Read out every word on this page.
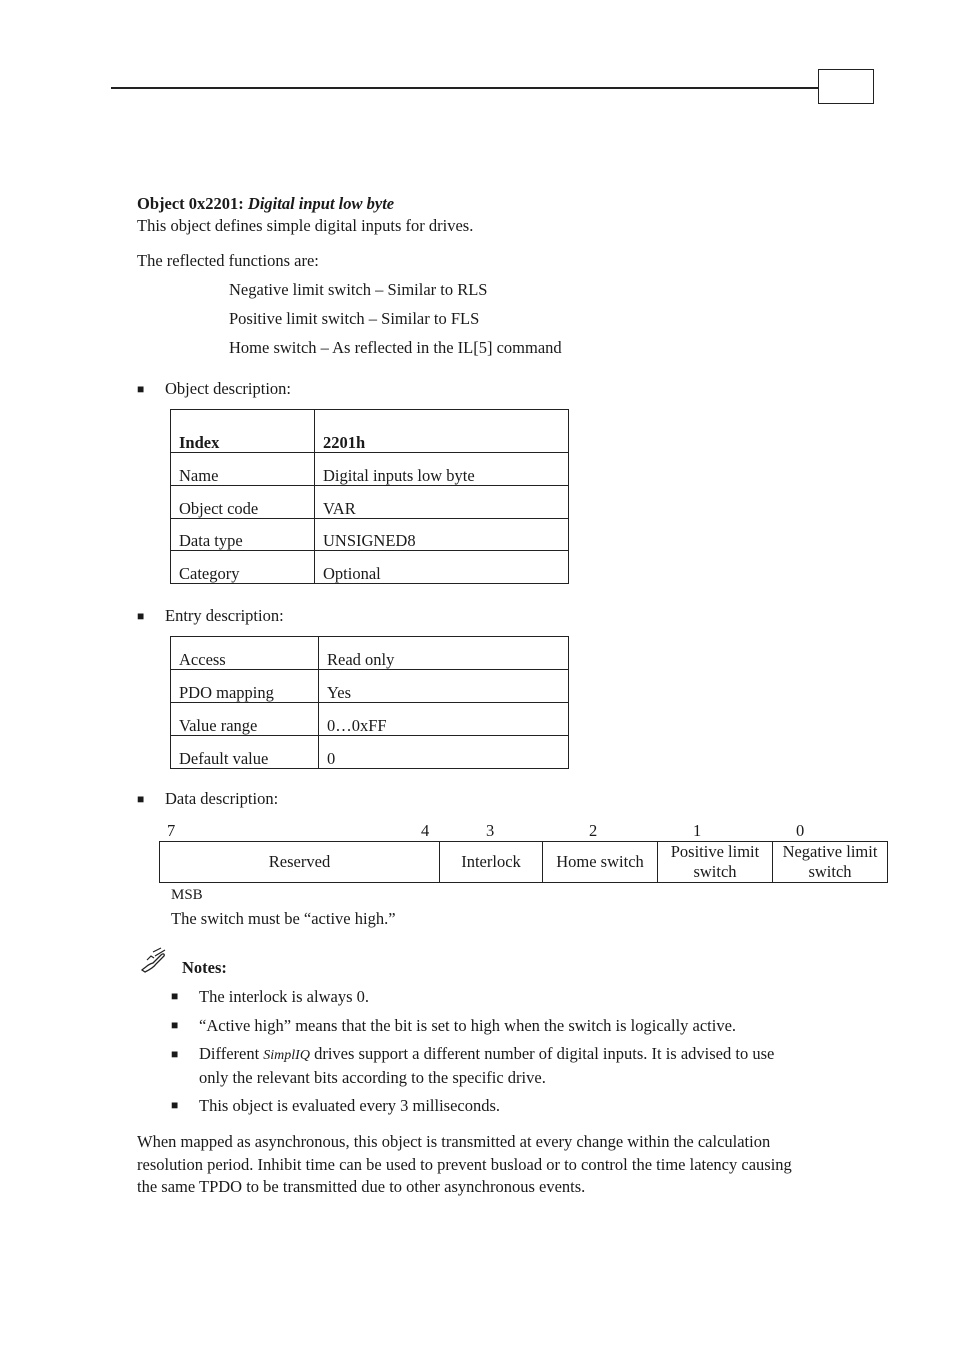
Object 0x2201: Digital input low byte
This object defines simple digital inputs for drives.
The reflected functions are:
Negative limit switch – Similar to RLS
Positive limit switch – Similar to FLS
Home switch – As reflected in the IL[5] command
■ Object description:
Index	2201h
Name	Digital inputs low byte
Object code	VAR
Data type	UNSIGNED8
Category	Optional
■ Entry description:
Access	Read only
PDO mapping	Yes
Value range	0…0xFF
Default value	0
■ Data description:
7	4	3	2	1	0
Reserved	Interlock	Home switch	Positive limit switch	Negative limit switch
MSB
The switch must be “active high.”
Notes:
■ The interlock is always 0.
■ “Active high” means that the bit is set to high when the switch is logically active.
■ Different SimplIQ drives support a different number of digital inputs. It is advised to use only the relevant bits according to the specific drive.
■ This object is evaluated every 3 milliseconds.
When mapped as asynchronous, this object is transmitted at every change within the calculation resolution period. Inhibit time can be used to prevent busload or to control the time latency causing the same TPDO to be transmitted due to other asynchronous events.
